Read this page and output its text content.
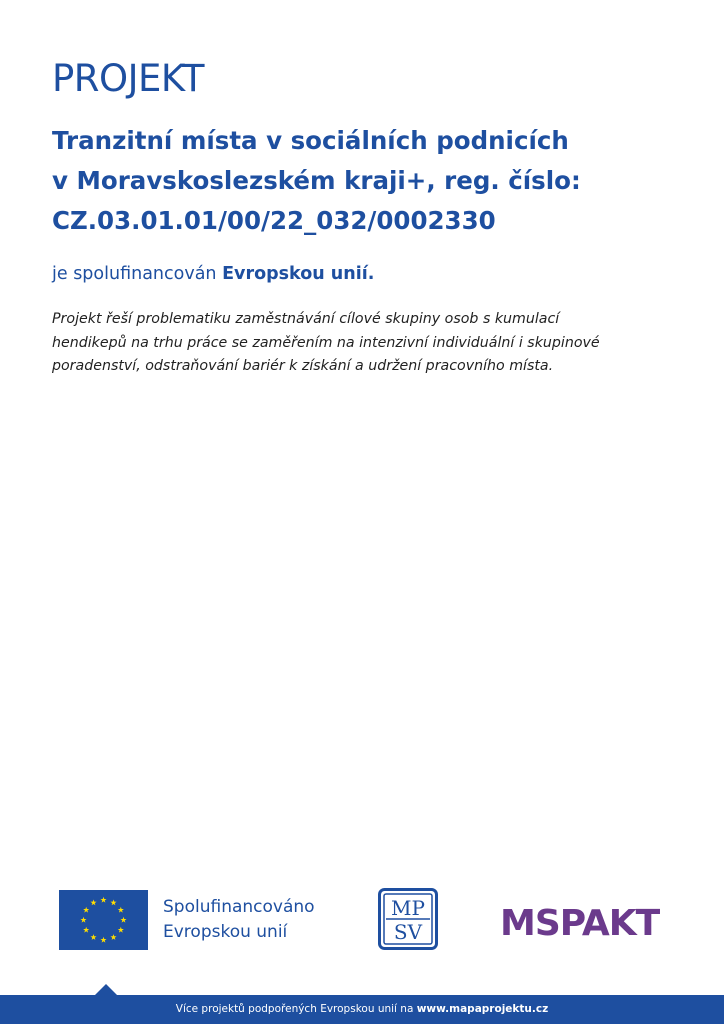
PROJEKT
Tranzitní místa v sociálních podnicích
v Moravskoslezském kraji+, reg. číslo:
CZ.03.01.01/00/22_032/0002330

je spolufinancován Evropskou unií.

Projekt řeší problematiku zaměstnávání cílové skupiny osob s kumulací
hendikepů na trhu práce se zaměřením na intenzivní individuální i skupinové
poradenství, odstraňování bariér k získání a udržení pracovního místa.

Spolufinancováno
Evropskou unií
MP
SV MSPAKT
Více projektů podpořených Evropskou unií na www.mapaprojektu.cz
